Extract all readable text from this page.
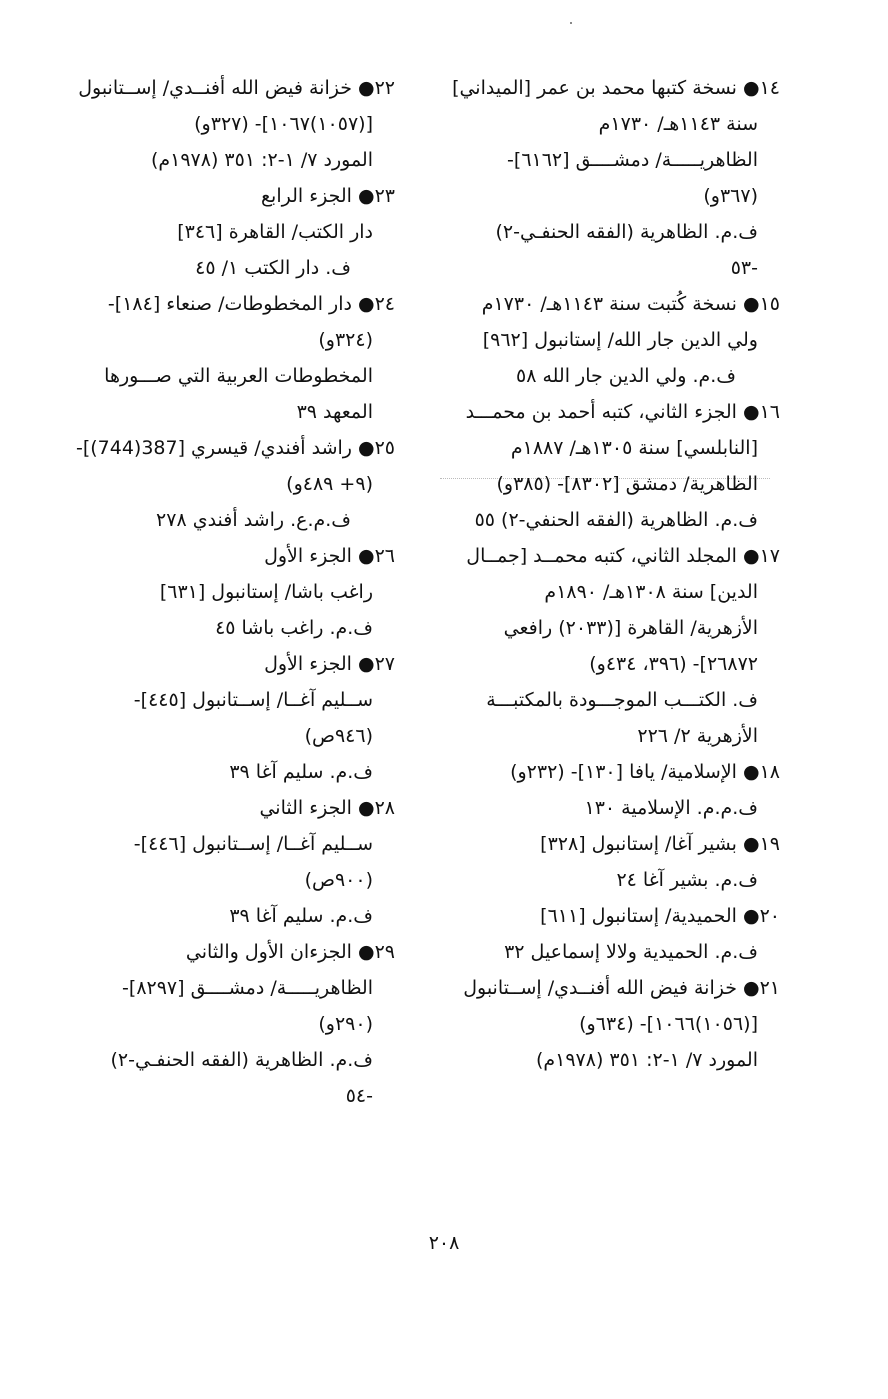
١٤● نسخة كتبها محمد بن عمر [الميداني]
سنة ١١٤٣هـ/ ١٧٣٠م
الظاهريـــــة/ دمشــــق [٦١٦٢]-
(٣٦٧و)
ف.م. الظاهرية (الفقه الحنفـي-٢)
-٥٣
١٥● نسخة كُتبت سنة ١١٤٣هـ/ ١٧٣٠م
ولي الدين جار الله/ إستانبول [٩٦٢]
ف.م. ولي الدين جار الله ٥٨
١٦● الجزء الثاني، كتبه أحمد بن محمـــد
[النابلسي] سنة ١٣٠٥هـ/ ١٨٨٧م
الظاهرية/ دمشق [٨٣٠٢]- (٣٨٥و)
ف.م. الظاهرية (الفقه الحنفي-٢) ٥٥
١٧● المجلد الثاني، كتبه محمــد [جمــال
الدين] سنة ١٣٠٨هـ/ ١٨٩٠م
الأزهرية/ القاهرة [(٢٠٣٣) رافعي
٢٦٨٧٢]- (٣٩٦، ٤٣٤و)
ف. الكتـــب الموجـــودة بالمكتبـــة
الأزهرية ٢/ ٢٢٦
١٨● الإسلامية/ يافا [١٣٠]- (٢٣٢و)
ف.م.م. الإسلامية ١٣٠
١٩● بشير آغا/ إستانبول [٣٢٨]
ف.م. بشير آغا ٢٤
٢٠● الحميدية/ إستانبول [٦١١]
ف.م. الحميدية ولالا إسماعيل ٣٢
٢١● خزانة فيض الله أفنــدي/ إســتانبول
[(١٠٥٦)١٠٦٦]- (٦٣٤و)
المورد ٧/ ١-٢: ٣٥١ (١٩٧٨م)
٢٢● خزانة فيض الله أفنــدي/ إســتانبول
[(١٠٥٧)١٠٦٧]- (٣٢٧و)
المورد ٧/ ١-٢: ٣٥١ (١٩٧٨م)
٢٣● الجزء الرابع
دار الكتب/ القاهرة [٣٤٦]
ف. دار الكتب ١/ ٤٥
٢٤● دار المخطوطات/ صنعاء [١٨٤]-
(٣٢٤و)
المخطوطات العربية التي صـــورها
المعهد ٣٩
٢٥● راشد أفندي/ قيسري [387(744)]-
(٩+ ٤٨٩و)
ف.م.ع. راشد أفندي ٢٧٨
٢٦● الجزء الأول
راغب باشا/ إستانبول [٦٣١]
ف.م. راغب باشا ٤٥
٢٧● الجزء الأول
ســليم آغــا/ إســتانبول [٤٤٥]-
(٩٤٦ص)
ف.م. سليم آغا ٣٩
٢٨● الجزء الثاني
ســليم آغــا/ إســتانبول [٤٤٦]-
(٩٠٠ص)
ف.م. سليم آغا ٣٩
٢٩● الجزءان الأول والثاني
الظاهريـــــة/ دمشــــق [٨٢٩٧]-
(٢٩٠و)
ف.م. الظاهرية (الفقه الحنفـي-٢)
-٥٤
٢٠٨
